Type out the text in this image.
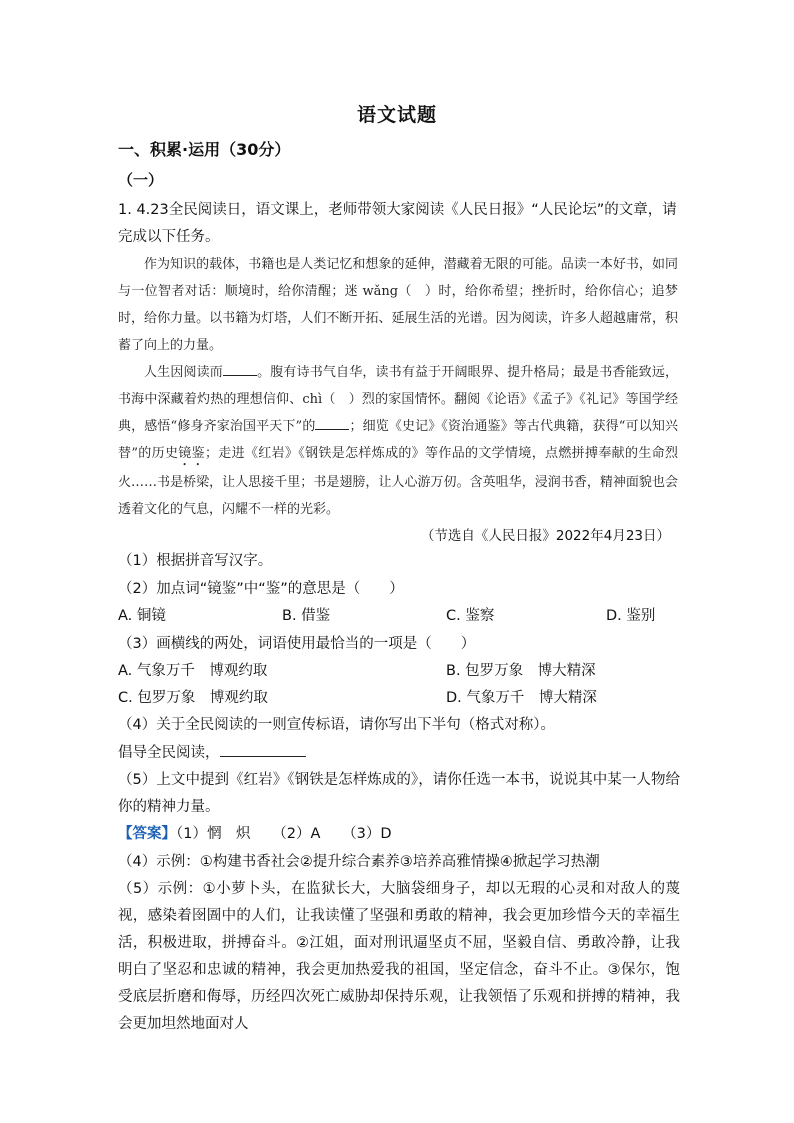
语文试题
一、积累·运用（30分）
（一）
1. 4.23全民阅读日，语文课上，老师带领大家阅读《人民日报》“人民论坛”的文章，请完成以下任务。
作为知识的载体，书籍也是人类记忆和想象的延伸，潜藏着无限的可能。品读一本好书，如同与一位智者对话：顺境时，给你清醒；迷 wǎng（　）时，给你希望；挫折时，给你信心；追梦时，给你力量。以书籍为灯塔，人们不断开拓、延展生活的光谱。因为阅读，许多人超越庸常，积蓄了向上的力量。
人生因阅读而	。腹有诗书气自华，读书有益于开阔眼界、提升格局；最是书香能致远，书海中深藏着灼热的理想信仰、chì（　）烈的家国情怀。翻阅《论语》《孟子》《礼记》等国学经典，感悟“修身齐家治国平天下”的	；细览《史记》《资治通鉴》等古代典籍，获得“可以知兴替”的历史镜鉴；走进《红岩》《钢铁是怎样炼成的》等作品的文学情境，点燃拼搏奉献的生命烈火……书是桥梁，让人思接千里；书是翅膀，让人心游万仞。含英咀华，浸润书香，精神面貌也会透着文化的气息，闪耀不一样的光彩。
（节选自《人民日报》2022年4月23日）
（1）根据拼音写汉字。
（2）加点词“镜鉴”中“鉴”的意思是（　　）
A. 铜镜	B. 借鉴	C. 鉴察	D. 鉴别
（3）画横线的两处，词语使用最恰当的一项是（　　）
A. 气象万千　博观约取	B. 包罗万象　博大精深
C. 包罗万象　博观约取	D. 气象万千　博大精深
（4）关于全民阅读的一则宣传标语，请你写出下半句（格式对称）。
倡导全民阅读，
（5）上文中提到《红岩》《钢铁是怎样炼成的》，请你任选一本书，说说其中某一人物给你的精神力量。
【答案】（1）惘　炽　　（2）A　　（3）D
（4）示例：①构建书香社会②提升综合素养③培养高雅情操④掀起学习热潮
（5）示例：①小萝卜头，在监狱长大，大脑袋细身子，却以无瑕的心灵和对敌人的蔑视，感染着囹圄中的人们，让我读懂了坚强和勇敢的精神，我会更加珍惜今天的幸福生活，积极进取，拼搏奋斗。②江姐，面对刑讯逼坚贞不屈，坚毅自信、勇敢冷静，让我明白了坚忍和忠诚的精神，我会更加热爱我的祖国，坚定信念，奋斗不止。③保尔，饱受底层折磨和侮辱，历经四次死亡威胁却保持乐观，让我领悟了乐观和拼搏的精神，我会更加坦然地面对人
